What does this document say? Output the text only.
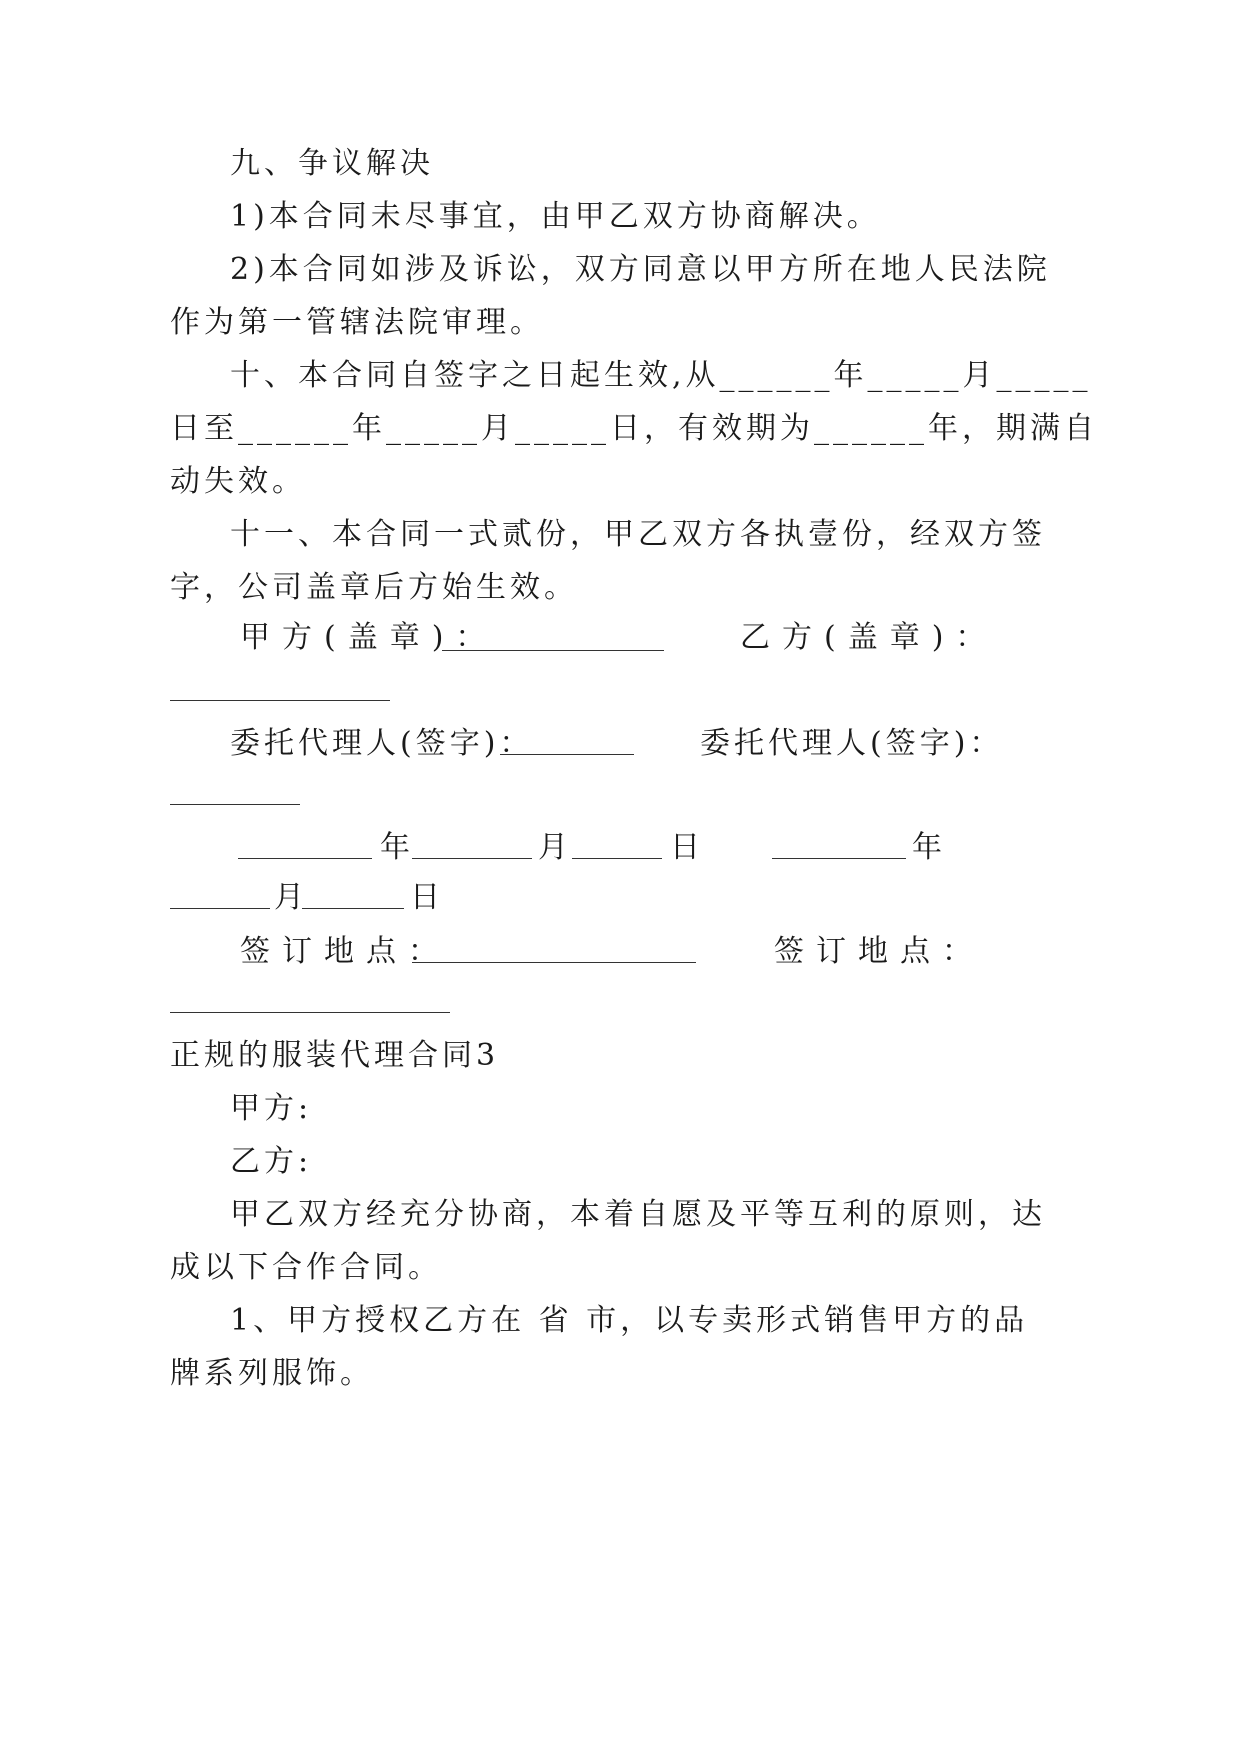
九、争议解决
1)本合同未尽事宜，由甲乙双方协商解决。
2)本合同如涉及诉讼，双方同意以甲方所在地人民法院
作为第一管辖法院审理。
十、本合同自签字之日起生效,从______年_____月_____
日至______年_____月_____日，有效期为______年，期满自
动失效。
十一、本合同一式贰份，甲乙双方各执壹份，经双方签
字，公司盖章后方始生效。
甲方(盖章)：	乙方(盖章)：
委托代理人(签字)：	委托代理人(签字)：
年	月	日	年
月	日
签订地点：	签订地点：
正规的服装代理合同3
甲方:
乙方:
甲乙双方经充分协商，本着自愿及平等互利的原则，达
成以下合作合同。
1、甲方授权乙方在 省 市，以专卖形式销售甲方的品
牌系列服饰。
